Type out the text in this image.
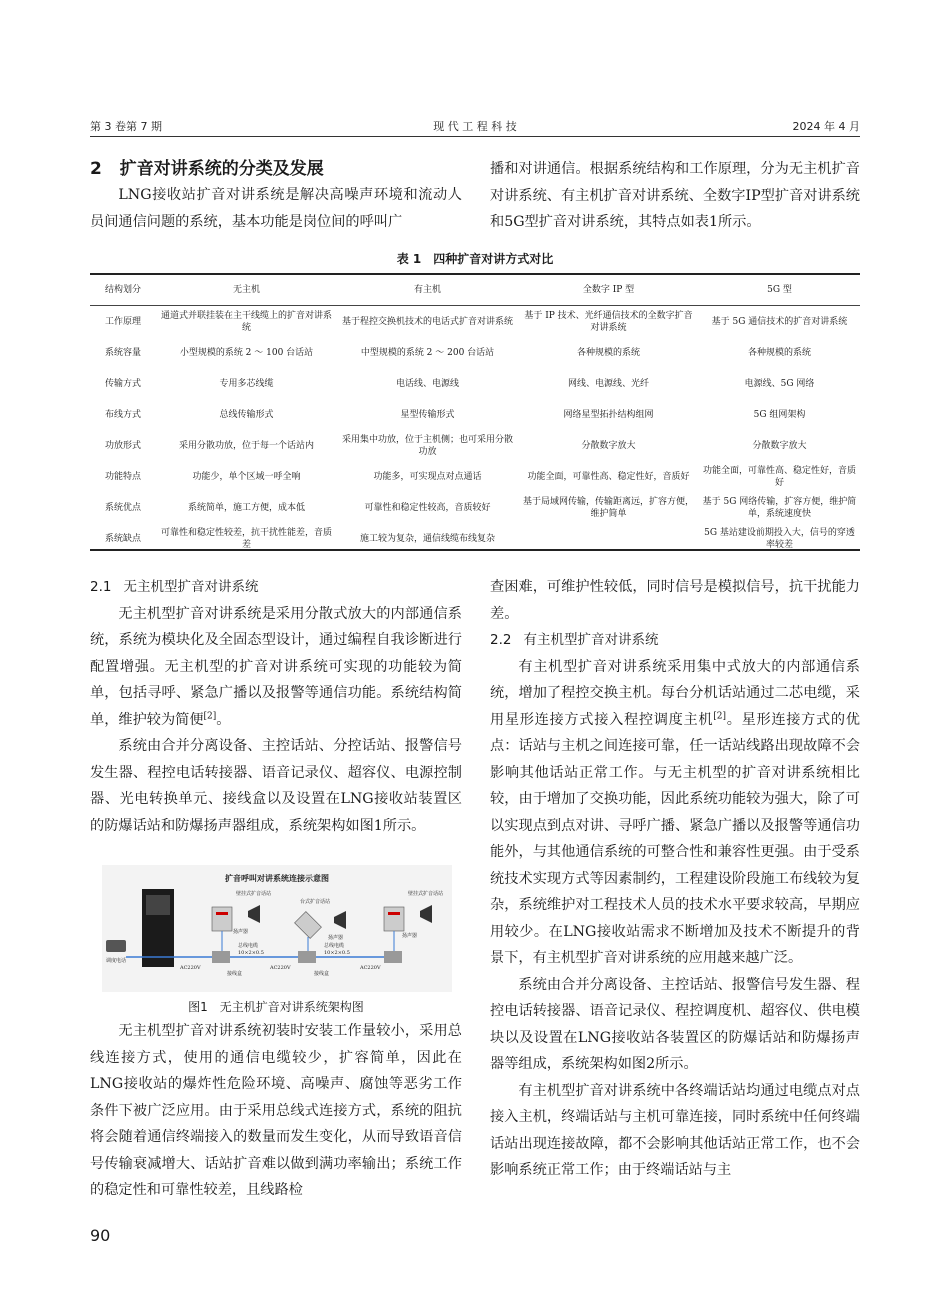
第 3 卷第 7 期	现 代 工 程 科 技	2024 年 4 月

2 扩音对讲系统的分类及发展

LNG接收站扩音对讲系统是解决高噪声环境和流动人员间通信问题的系统，基本功能是岗位间的呼叫广

播和对讲通信。根据系统结构和工作原理，分为无主机扩音对讲系统、有主机扩音对讲系统、全数字IP型扩音对讲系统和5G型扩音对讲系统，其特点如表1所示。

表 1　四种扩音对讲方式对比
结构划分	无主机	有主机	全数字 IP 型	5G 型
工作原理	通道式并联挂装在主干线缆上的扩音对讲系统	基于程控交换机技术的电话式扩音对讲系统	基于 IP 技术、光纤通信技术的全数字扩音对讲系统	基于 5G 通信技术的扩音对讲系统
系统容量	小型规模的系统 2 ～ 100 台话站	中型规模的系统 2 ～ 200 台话站	各种规模的系统	各种规模的系统
传输方式	专用多芯线缆	电话线、电源线	网线、电源线、光纤	电源线、5G 网络
布线方式	总线传输形式	星型传输形式	网络星型拓扑结构组网	5G 组网架构
功放形式	采用分散功放，位于每一个话站内	采用集中功放，位于主机侧；也可采用分散功放	分散数字放大	分散数字放大
功能特点	功能少，单个区域一呼全响	功能多，可实现点对点通话	功能全面，可靠性高、稳定性好，音质好	功能全面，可靠性高、稳定性好，音质好
系统优点	系统简单，施工方便，成本低	可靠性和稳定性较高，音质较好	基于局域网传输，传输距离远，扩容方便，维护简单	基于 5G 网络传输，扩容方便，维护简单，系统速度快
系统缺点	可靠性和稳定性较差，抗干扰性能差，音质差	施工较为复杂，通信线缆布线复杂		5G 基站建设前期投入大，信号的穿透率较差

2.1 无主机型扩音对讲系统

无主机型扩音对讲系统是采用分散式放大的内部通信系统，系统为模块化及全固态型设计，通过编程自我诊断进行配置增强。无主机型的扩音对讲系统可实现的功能较为简单，包括寻呼、紧急广播以及报警等通信功能。系统结构简单，维护较为简便[2]。

系统由合并分离设备、主控话站、分控话站、报警信号发生器、程控电话转接器、语音记录仪、超容仪、电源控制器、光电转换单元、接线盒以及设置在LNG接收站装置区的防爆话站和防爆扬声器组成，系统架构如图1所示。

扩音呼叫对讲系统连接示意图
调度电话
壁挂式扩音话站
扬声器
台式扩音话站
扬声器
壁挂式扩音话站
扬声器
总线电缆
10×2×0.5
总线电缆
10×2×0.5
接线盒	接线盒
AC220V	AC220V	AC220V
图1　无主机扩音对讲系统架构图

无主机型扩音对讲系统初装时安装工作量较小，采用总线连接方式，使用的通信电缆较少，扩容简单，因此在LNG接收站的爆炸性危险环境、高噪声、腐蚀等恶劣工作条件下被广泛应用。由于采用总线式连接方式，系统的阻抗将会随着通信终端接入的数量而发生变化，从而导致语音信号传输衰减增大、话站扩音难以做到满功率输出；系统工作的稳定性和可靠性较差，且线路检

查困难，可维护性较低，同时信号是模拟信号，抗干扰能力差。

2.2 有主机型扩音对讲系统

有主机型扩音对讲系统采用集中式放大的内部通信系统，增加了程控交换主机。每台分机话站通过二芯电缆，采用星形连接方式接入程控调度主机[2]。星形连接方式的优点：话站与主机之间连接可靠，任一话站线路出现故障不会影响其他话站正常工作。与无主机型的扩音对讲系统相比较，由于增加了交换功能，因此系统功能较为强大，除了可以实现点到点对讲、寻呼广播、紧急广播以及报警等通信功能外，与其他通信系统的可整合性和兼容性更强。由于受系统技术实现方式等因素制约，工程建设阶段施工布线较为复杂，系统维护对工程技术人员的技术水平要求较高，早期应用较少。在LNG接收站需求不断增加及技术不断提升的背景下，有主机型扩音对讲系统的应用越来越广泛。

系统由合并分离设备、主控话站、报警信号发生器、程控电话转接器、语音记录仪、程控调度机、超容仪、供电模块以及设置在LNG接收站各装置区的防爆话站和防爆扬声器等组成，系统架构如图2所示。

有主机型扩音对讲系统中各终端话站均通过电缆点对点接入主机，终端话站与主机可靠连接，同时系统中任何终端话站出现连接故障，都不会影响其他话站正常工作，也不会影响系统正常工作；由于终端话站与主

90
